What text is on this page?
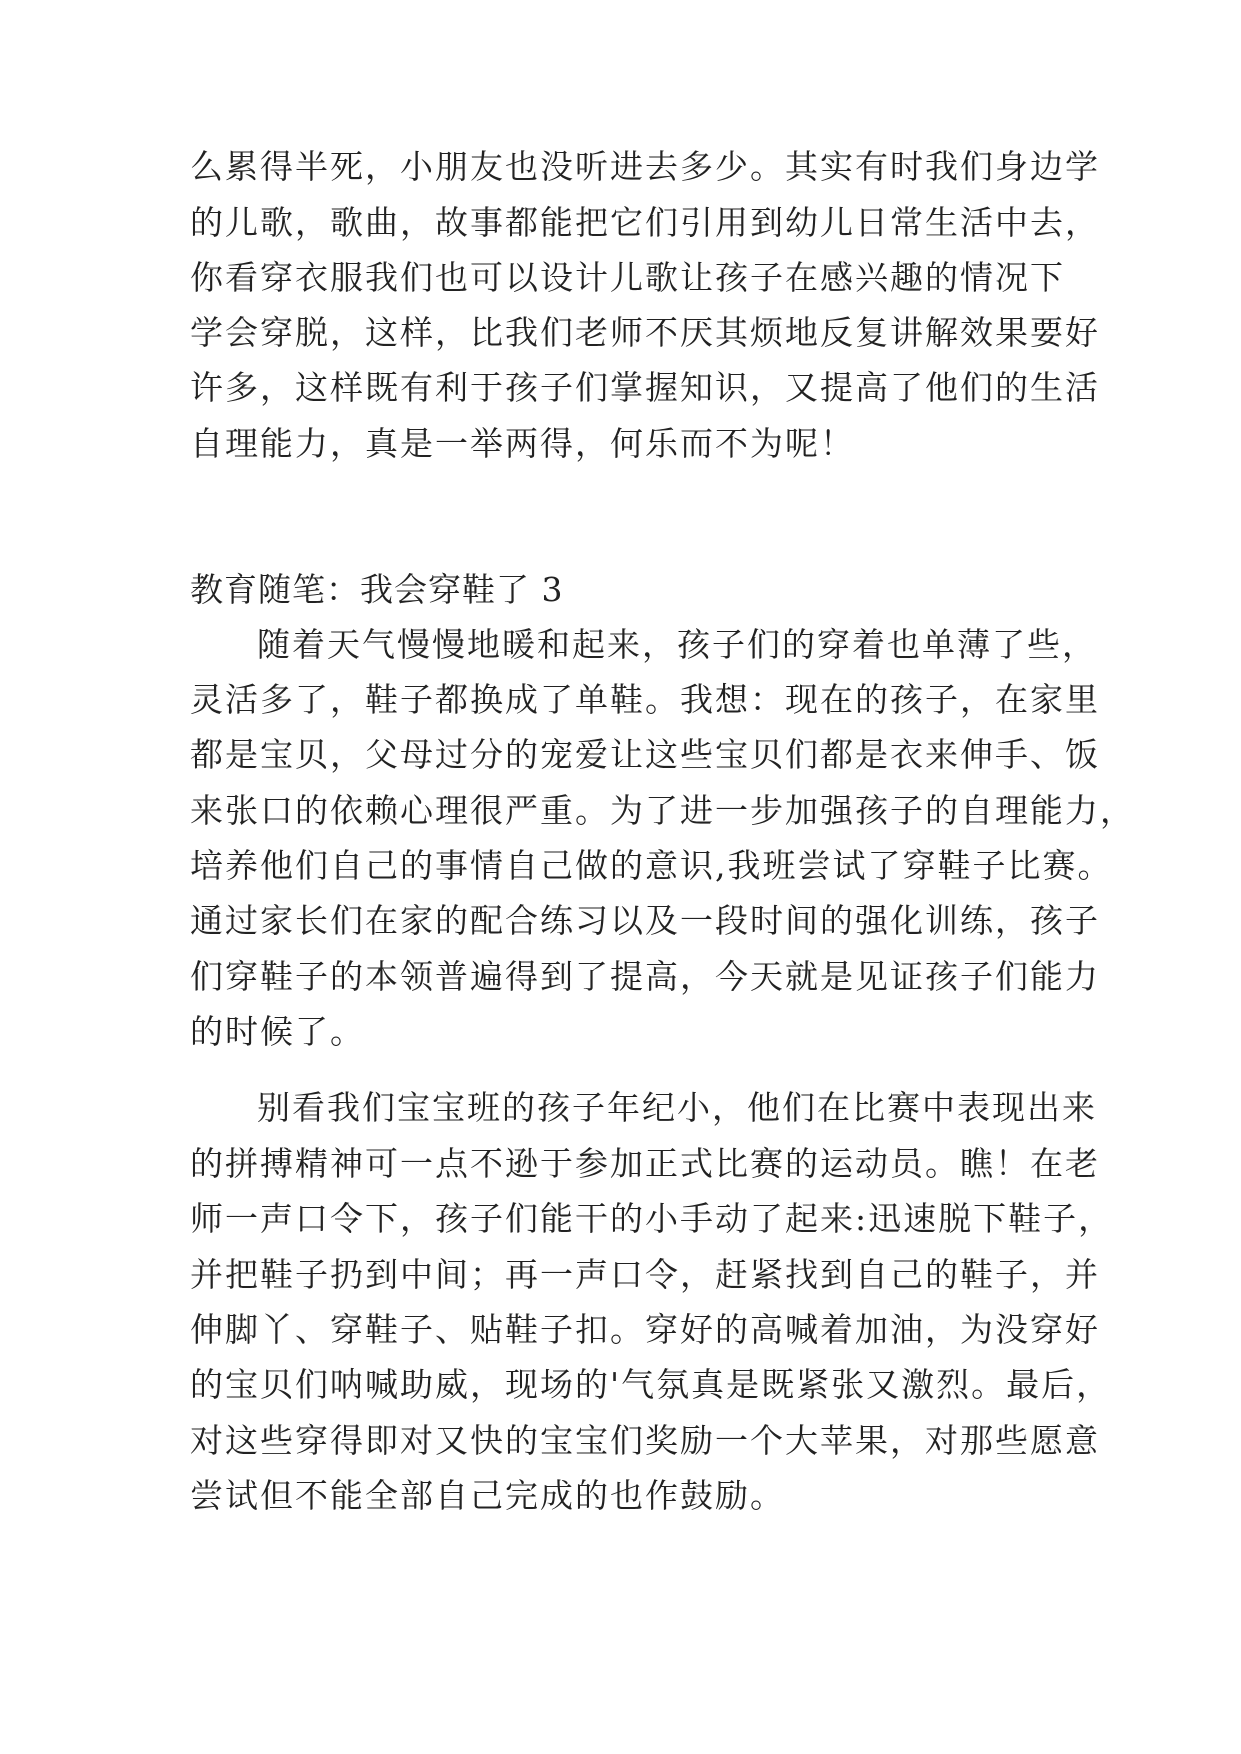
么累得半死，小朋友也没听进去多少。其实有时我们身边学
的儿歌，歌曲，故事都能把它们引用到幼儿日常生活中去，
你看穿衣服我们也可以设计儿歌让孩子在感兴趣的情况下
学会穿脱，这样，比我们老师不厌其烦地反复讲解效果要好
许多，这样既有利于孩子们掌握知识，又提高了他们的生活
自理能力，真是一举两得，何乐而不为呢！
教育随笔：我会穿鞋了 3
随着天气慢慢地暖和起来，孩子们的穿着也单薄了些，
灵活多了，鞋子都换成了单鞋。我想：现在的孩子，在家里
都是宝贝，父母过分的宠爱让这些宝贝们都是衣来伸手、饭
来张口的依赖心理很严重。为了进一步加强孩子的自理能力，
培养他们自己的事情自己做的意识,我班尝试了穿鞋子比赛。
通过家长们在家的配合练习以及一段时间的强化训练，孩子
们穿鞋子的本领普遍得到了提高，今天就是见证孩子们能力
的时候了。
别看我们宝宝班的孩子年纪小，他们在比赛中表现出来
的拼搏精神可一点不逊于参加正式比赛的运动员。瞧！在老
师一声口令下，孩子们能干的小手动了起来:迅速脱下鞋子，
并把鞋子扔到中间；再一声口令，赶紧找到自己的鞋子，并
伸脚丫、穿鞋子、贴鞋子扣。穿好的高喊着加油，为没穿好
的宝贝们呐喊助威，现场的'气氛真是既紧张又激烈。最后，
对这些穿得即对又快的宝宝们奖励一个大苹果，对那些愿意
尝试但不能全部自己完成的也作鼓励。
